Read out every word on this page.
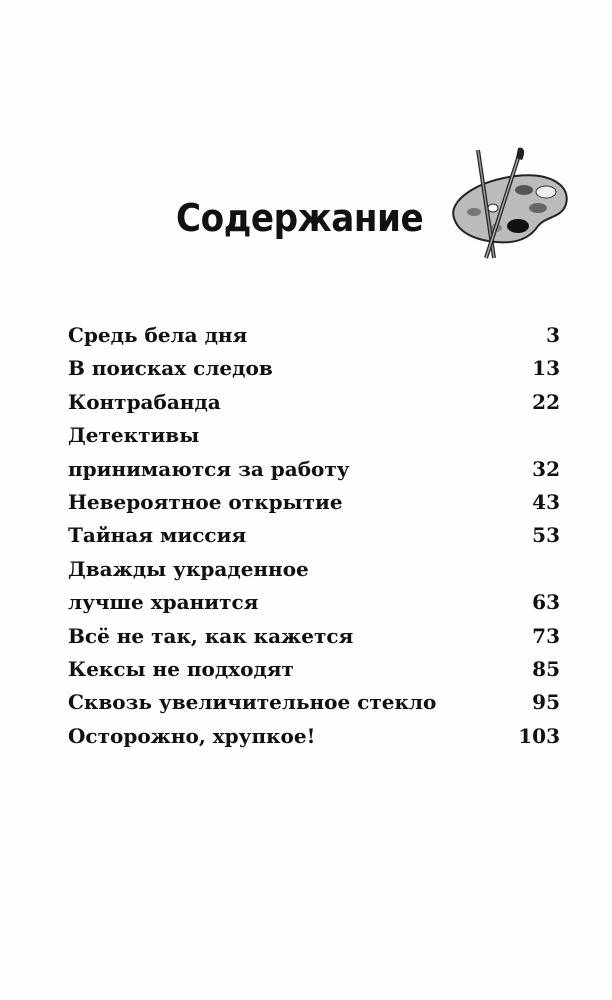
Содержание
Средь бела дня	3
В поисках следов	13
Контрабанда	22
Детективы
принимаются за работу	32
Невероятное открытие	43
Тайная миссия	53
Дважды украденное
лучше хранится	63
Всё не так, как кажется	73
Кексы не подходят	85
Сквозь увеличительное стекло	95
Осторожно, хрупкое!	103
